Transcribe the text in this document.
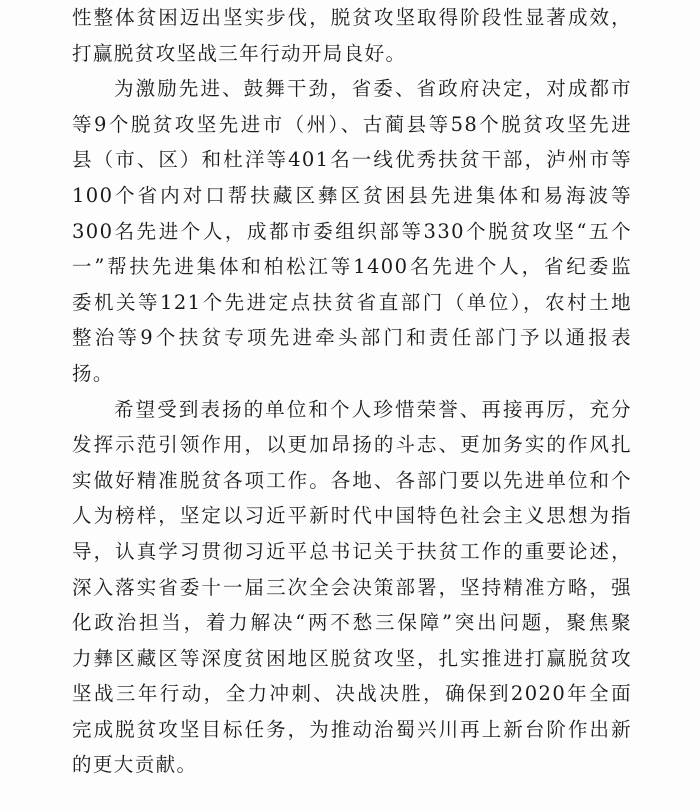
性整体贫困迈出坚实步伐，脱贫攻坚取得阶段性显著成效，
打赢脱贫攻坚战三年行动开局良好。
为激励先进、鼓舞干劲，省委、省政府决定，对成都市
等9个脱贫攻坚先进市（州）、古蔺县等58个脱贫攻坚先进
县（市、区）和杜洋等401名一线优秀扶贫干部，泸州市等
100个省内对口帮扶藏区彝区贫困县先进集体和易海波等
300名先进个人，成都市委组织部等330个脱贫攻坚“五个
一”帮扶先进集体和柏松江等1400名先进个人，省纪委监
委机关等121个先进定点扶贫省直部门（单位），农村土地
整治等9个扶贫专项先进牵头部门和责任部门予以通报表
扬。
希望受到表扬的单位和个人珍惜荣誉、再接再厉，充分
发挥示范引领作用，以更加昂扬的斗志、更加务实的作风扎
实做好精准脱贫各项工作。各地、各部门要以先进单位和个
人为榜样，坚定以习近平新时代中国特色社会主义思想为指
导，认真学习贯彻习近平总书记关于扶贫工作的重要论述，
深入落实省委十一届三次全会决策部署，坚持精准方略，强
化政治担当，着力解决“两不愁三保障”突出问题，聚焦聚
力彝区藏区等深度贫困地区脱贫攻坚，扎实推进打赢脱贫攻
坚战三年行动，全力冲刺、决战决胜，确保到2020年全面
完成脱贫攻坚目标任务，为推动治蜀兴川再上新台阶作出新
的更大贡献。
